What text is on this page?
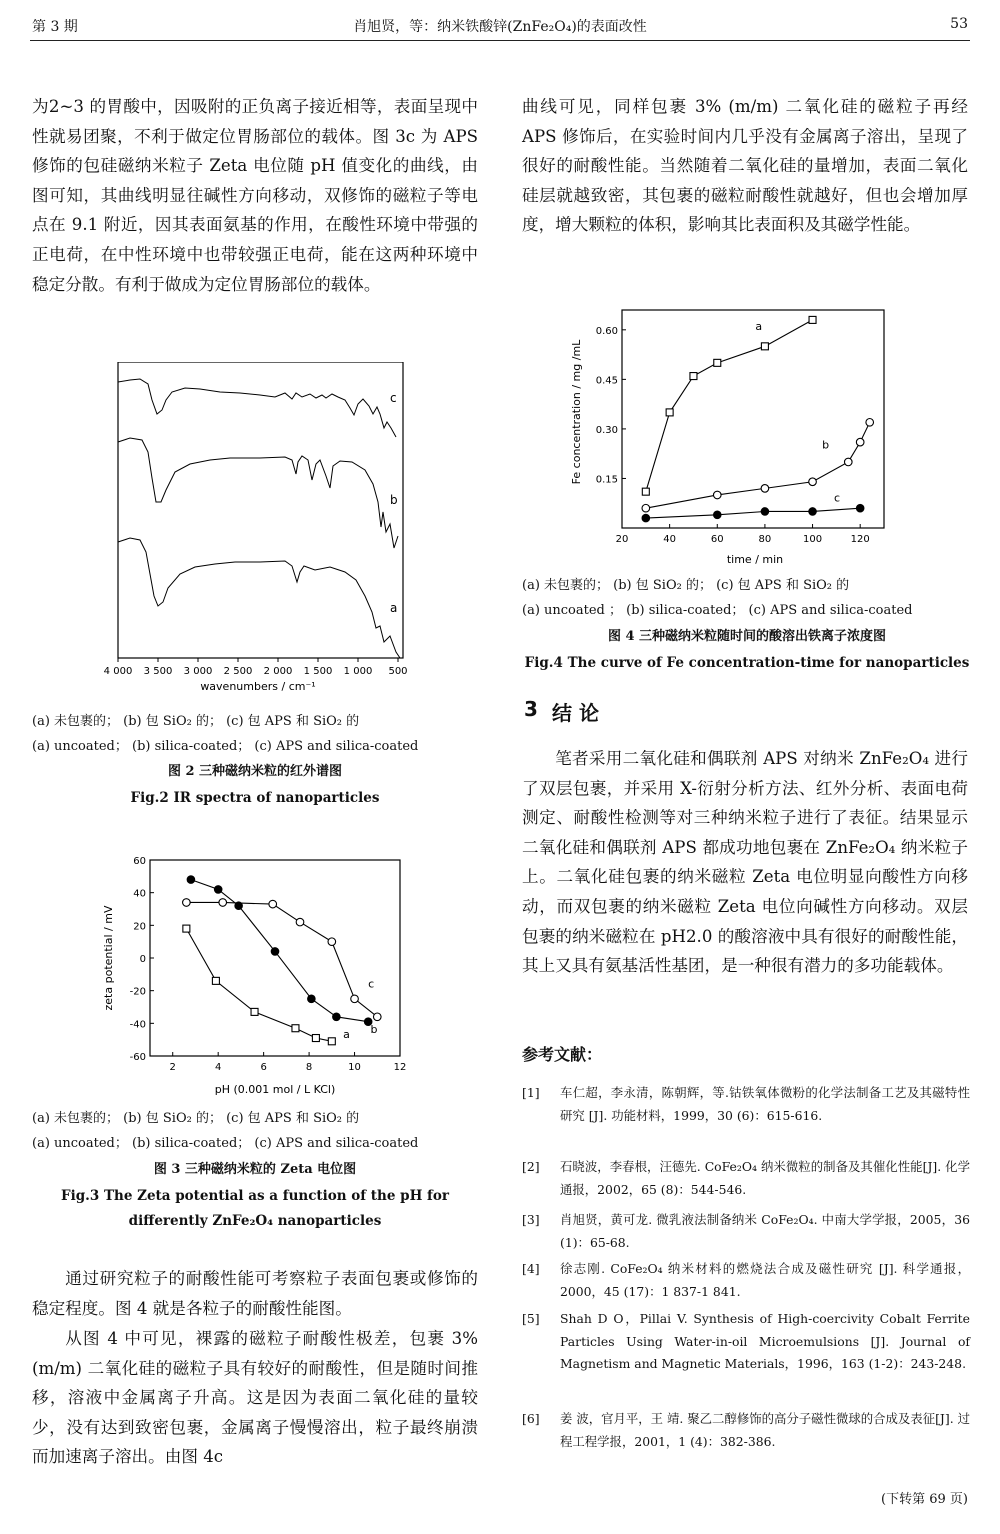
第 3 期	肖旭贤，等：纳米铁酸锌(ZnFe₂O₄)的表面改性	53
为2~3 的胃酸中，因吸附的正负离子接近相等，表面呈现中性就易团聚，不利于做定位胃肠部位的载体。图 3c 为 APS 修饰的包硅磁纳米粒子 Zeta 电位随 pH 值变化的曲线，由图可知，其曲线明显往碱性方向移动，双修饰的磁粒子等电点在 9.1 附近，因其表面氨基的作用，在酸性环境中带强的正电荷，在中性环境中也带较强正电荷，能在这两种环境中稳定分散。有利于做成为定位胃肠部位的载体。
c
b
a
4 000 3 500 3 000 2 500 2 000 1 500 1 000 500
wavenumbers / cm⁻¹
(a) 未包裹的； (b) 包 SiO₂ 的； (c) 包 APS 和 SiO₂ 的
(a) uncoated； (b) silica-coated； (c) APS and silica-coated
图 2 三种磁纳米粒的红外谱图
Fig.2 IR spectra of nanoparticles
zeta potential / mV
pH (0.001 mol / L KCl)
60
40
20
0
-20
-40
-60
2	4	6	8	10	12
a b
c
(a) 未包裹的； (b) 包 SiO₂ 的； (c) 包 APS 和 SiO₂ 的
(a) uncoated； (b) silica-coated； (c) APS and silica-coated
图 3 三种磁纳米粒的 Zeta 电位图
Fig.3 The Zeta potential as a function of the pH for
differently ZnFe₂O₄ nanoparticles
通过研究粒子的耐酸性能可考察粒子表面包裹或修饰的稳定程度。图 4 就是各粒子的耐酸性能图。
从图 4 中可见，裸露的磁粒子耐酸性极差，包裹 3% (m/m) 二氧化硅的磁粒子具有较好的耐酸性，但是随时间推移，溶液中金属离子升高。这是因为表面二氧化硅的量较少，没有达到致密包裹，金属离子慢慢溶出，粒子最终崩溃而加速离子溶出。由图 4c
曲线可见，同样包裹 3% (m/m) 二氧化硅的磁粒子再经 APS 修饰后，在实验时间内几乎没有金属离子溶出，呈现了很好的耐酸性能。当然随着二氧化硅的量增加，表面二氧化硅层就越致密，其包裹的磁粒耐酸性就越好，但也会增加厚度，增大颗粒的体积，影响其比表面积及其磁学性能。
Fe concentration / mg /mL
time / min
0.60
0.45
0.30
0.15
20	40	60	80	100	120
a
b
c
(a) 未包裹的； (b) 包 SiO₂ 的； (c) 包 APS 和 SiO₂ 的
(a) uncoated ； (b) silica-coated； (c) APS and silica-coated
图 4 三种磁纳米粒随时间的酸溶出铁离子浓度图
Fig.4 The curve of Fe concentration-time for nanoparticles
3 结 论
笔者采用二氧化硅和偶联剂 APS 对纳米 ZnFe₂O₄ 进行了双层包裹，并采用 X-衍射分析方法、红外分析、表面电荷测定、耐酸性检测等对三种纳米粒子进行了表征。结果显示二氧化硅和偶联剂 APS 都成功地包裹在 ZnFe₂O₄ 纳米粒子上。二氧化硅包裹的纳米磁粒 Zeta 电位明显向酸性方向移动，而双包裹的纳米磁粒 Zeta 电位向碱性方向移动。双层包裹的纳米磁粒在 pH2.0 的酸溶液中具有很好的耐酸性能，其上又具有氨基活性基团，是一种很有潜力的多功能载体。
参考文献：
[1] 车仁超，李永清，陈朝辉，等.钴铁氧体微粉的化学法制备工艺及其磁特性研究 [J]. 功能材料，1999，30 (6)：615-616.
[2] 石晓波，李春根，汪德先. CoFe₂O₄ 纳米微粒的制备及其催化性能[J]. 化学通报，2002，65 (8)：544-546.
[3] 肖旭贤，黄可龙. 微乳液法制备纳米 CoFe₂O₄. 中南大学学报，2005，36 (1)：65-68.
[4] 徐志刚. CoFe₂O₄ 纳米材料的燃烧法合成及磁性研究 [J]. 科学通报，2000，45 (17)：1 837-1 841.
[5] Shah D O，Pillai V. Synthesis of High-coercivity Cobalt Ferrite Particles Using Water-in-oil Microemulsions [J]. Journal of Magnetism and Magnetic Materials，1996，163 (1-2)：243-248.
[6] 姜 波，官月平，王 靖. 聚乙二醇修饰的高分子磁性微球的合成及表征[J]. 过程工程学报，2001，1 (4)：382-386.
(下转第 69 页)
